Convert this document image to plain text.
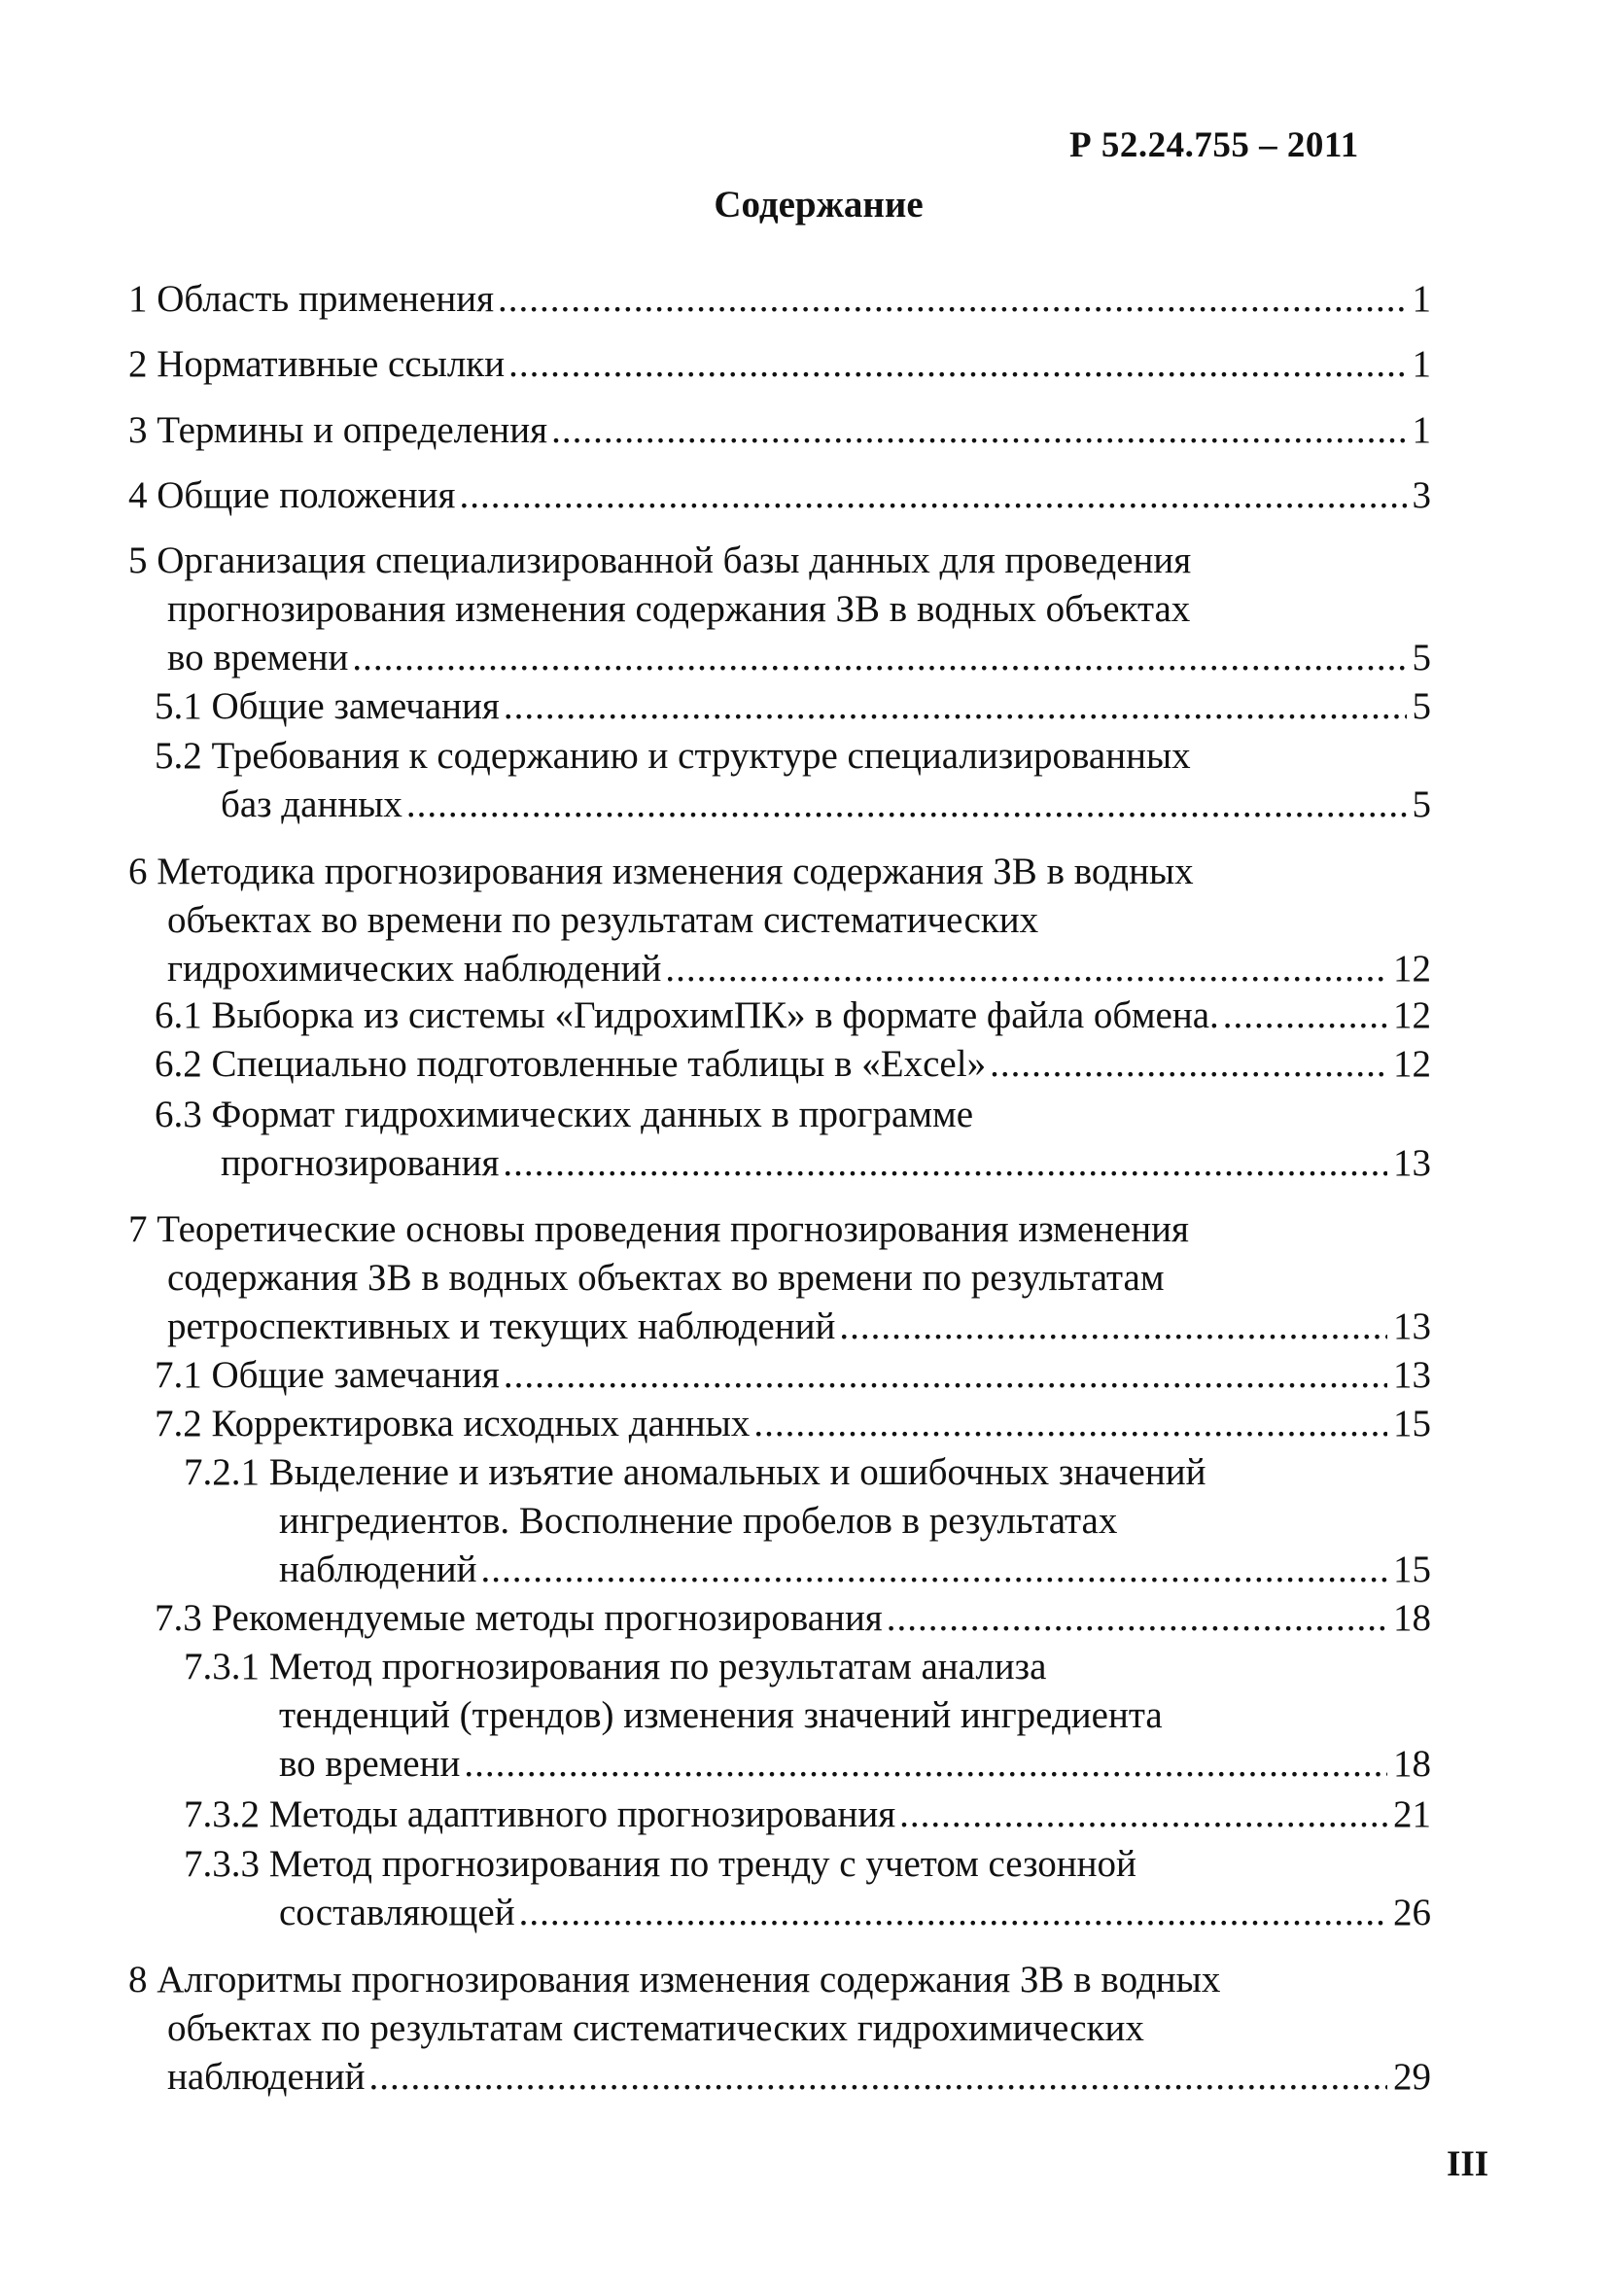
Р 52.24.755 – 2011
Содержание
1 Область применения .....	1
2 Нормативные ссылки .....	1
3 Термины и определения .....	1
4 Общие положения .....	3
5 Организация специализированной базы данных для проведения
прогнозирования изменения содержания ЗВ в водных объектах
во времени .....	5
5.1 Общие замечания .....	5
5.2 Требования к содержанию и структуре специализированных
баз данных .....	5
6 Методика прогнозирования изменения содержания ЗВ в водных
объектах во времени по результатам систематических
гидрохимических наблюдений .....	12
6.1 Выборка из системы «ГидрохимПК» в формате файла обмена. .....	12
6.2 Специально подготовленные таблицы в «Excel» .....	12
6.3 Формат гидрохимических данных в программе
прогнозирования .....	13
7 Теоретические основы проведения прогнозирования изменения
содержания ЗВ в водных объектах во времени по результатам
ретроспективных и текущих наблюдений .....	13
7.1 Общие замечания .....	13
7.2 Корректировка исходных данных .....	15
7.2.1 Выделение и изъятие аномальных и ошибочных значений
ингредиентов. Восполнение пробелов в результатах
наблюдений .....	15
7.3 Рекомендуемые методы прогнозирования .....	18
7.3.1 Метод прогнозирования по результатам анализа
тенденций (трендов) изменения значений ингредиента
во времени .....	18
7.3.2 Методы адаптивного прогнозирования .....	21
7.3.3 Метод прогнозирования по тренду с учетом сезонной
составляющей .....	26
8 Алгоритмы прогнозирования изменения содержания ЗВ в водных
объектах по результатам систематических гидрохимических
наблюдений .....	29
III
